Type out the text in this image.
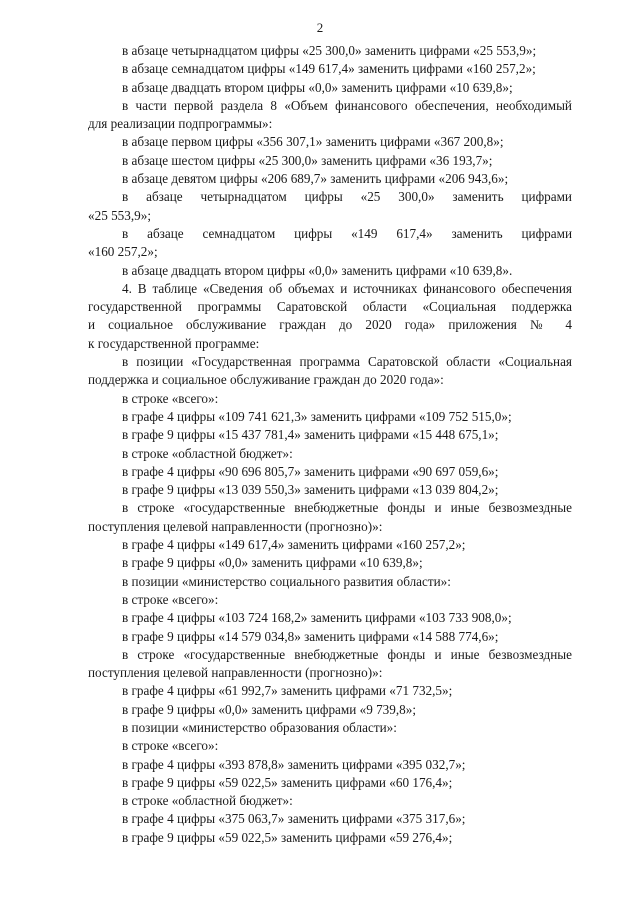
2
в абзаце четырнадцатом цифры «25 300,0» заменить цифрами «25 553,9»;
в абзаце семнадцатом цифры «149 617,4» заменить цифрами «160 257,2»;
в абзаце двадцать втором цифры «0,0» заменить цифрами «10 639,8»;
в части первой раздела 8 «Объем финансового обеспечения, необходимый
для реализации подпрограммы»:
в абзаце первом цифры «356 307,1» заменить цифрами «367 200,8»;
в абзаце шестом цифры «25 300,0» заменить цифрами «36 193,7»;
в абзаце девятом цифры «206 689,7» заменить цифрами «206 943,6»;
в абзаце четырнадцатом цифры «25 300,0» заменить цифрами
«25 553,9»;
в абзаце семнадцатом цифры «149 617,4» заменить цифрами
«160 257,2»;
в абзаце двадцать втором цифры «0,0» заменить цифрами «10 639,8».
4. В таблице «Сведения об объемах и источниках финансового обеспечения
государственной программы Саратовской области «Социальная поддержка
и социальное обслуживание граждан до 2020 года» приложения № 4
к государственной программе:
в позиции «Государственная программа Саратовской области «Социальная
поддержка и социальное обслуживание граждан до 2020 года»:
в строке «всего»:
в графе 4 цифры «109 741 621,3» заменить цифрами «109 752 515,0»;
в графе 9 цифры «15 437 781,4» заменить цифрами «15 448 675,1»;
в строке «областной бюджет»:
в графе 4 цифры «90 696 805,7» заменить цифрами «90 697 059,6»;
в графе 9 цифры «13 039 550,3» заменить цифрами «13 039 804,2»;
в строке «государственные внебюджетные фонды и иные безвозмездные
поступления целевой направленности (прогнозно)»:
в графе 4 цифры «149 617,4» заменить цифрами «160 257,2»;
в графе 9 цифры «0,0» заменить цифрами «10 639,8»;
в позиции «министерство социального развития области»:
в строке «всего»:
в графе 4 цифры «103 724 168,2» заменить цифрами «103 733 908,0»;
в графе 9 цифры «14 579 034,8» заменить цифрами «14 588 774,6»;
в строке «государственные внебюджетные фонды и иные безвозмездные
поступления целевой направленности (прогнозно)»:
в графе 4 цифры «61 992,7» заменить цифрами «71 732,5»;
в графе 9 цифры «0,0» заменить цифрами «9 739,8»;
в позиции «министерство образования области»:
в строке «всего»:
в графе 4 цифры «393 878,8» заменить цифрами «395 032,7»;
в графе 9 цифры «59 022,5» заменить цифрами «60 176,4»;
в строке «областной бюджет»:
в графе 4 цифры «375 063,7» заменить цифрами «375 317,6»;
в графе 9 цифры «59 022,5» заменить цифрами «59 276,4»;
